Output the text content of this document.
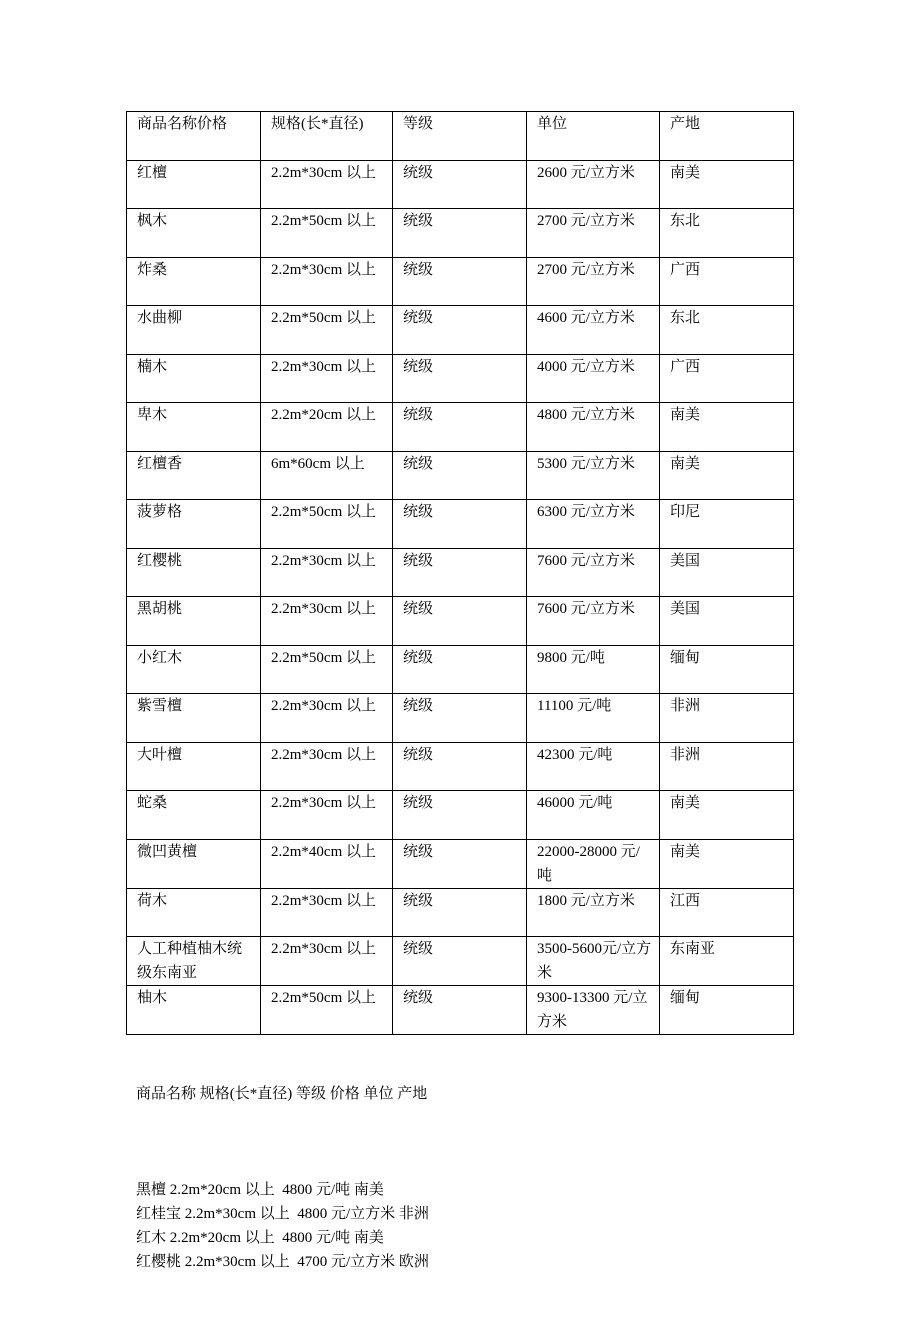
商品名称价格	规格(长*直径)	等级	单位	产地
红檀	2.2m*30cm 以上	统级	2600 元/立方米	南美
枫木	2.2m*50cm 以上	统级	2700 元/立方米	东北
炸桑	2.2m*30cm 以上	统级	2700 元/立方米	广西
水曲柳	2.2m*50cm 以上	统级	4600 元/立方米	东北
楠木	2.2m*30cm 以上	统级	4000 元/立方米	广西
卑木	2.2m*20cm 以上	统级	4800 元/立方米	南美
红檀香	6m*60cm 以上	统级	5300 元/立方米	南美
菠萝格	2.2m*50cm 以上	统级	6300 元/立方米	印尼
红樱桃	2.2m*30cm 以上	统级	7600 元/立方米	美国
黑胡桃	2.2m*30cm 以上	统级	7600 元/立方米	美国
小红木	2.2m*50cm 以上	统级	9800 元/吨	缅甸
紫雪檀	2.2m*30cm 以上	统级	11100 元/吨	非洲
大叶檀	2.2m*30cm 以上	统级	42300 元/吨	非洲
蛇桑	2.2m*30cm 以上	统级	46000 元/吨	南美
微凹黄檀	2.2m*40cm 以上	统级	22000-28000 元/吨	南美
荷木	2.2m*30cm 以上	统级	1800 元/立方米	江西
人工种植柚木统级东南亚	2.2m*30cm 以上	统级	3500-5600元/立方米	东南亚
柚木	2.2m*50cm 以上	统级	9300-13300 元/立方米	缅甸

商品名称 规格(长*直径) 等级 价格 单位 产地

黑檀 2.2m*20cm 以上  4800 元/吨 南美
红桂宝 2.2m*30cm 以上  4800 元/立方米 非洲
红木 2.2m*20cm 以上  4800 元/吨 南美
红樱桃 2.2m*30cm 以上  4700 元/立方米 欧洲
